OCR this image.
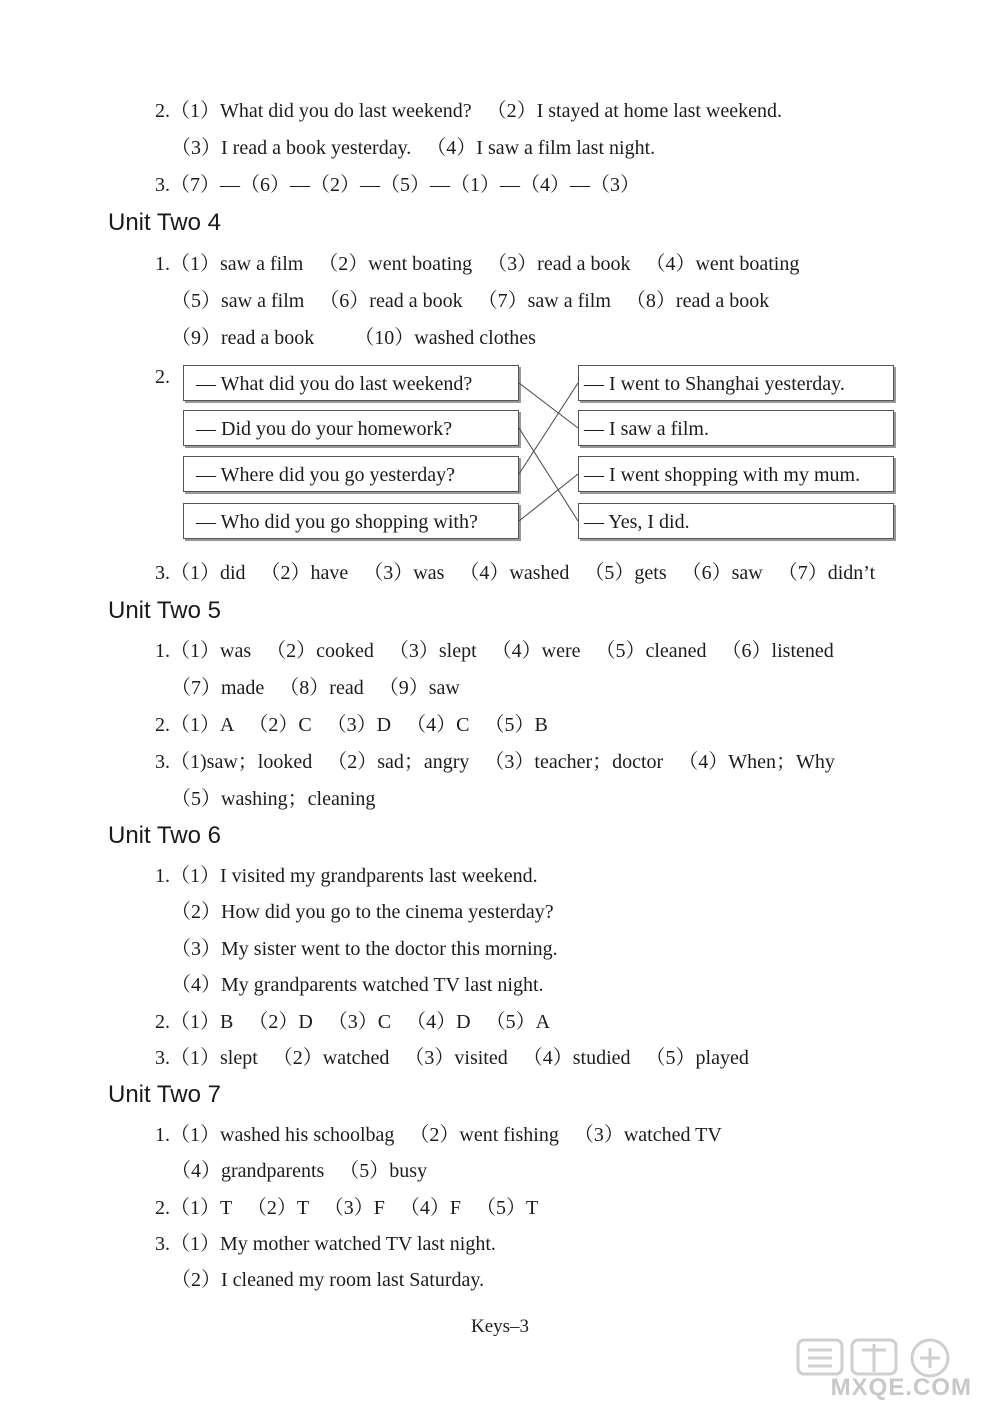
2.（1）What did you do last weekend?   （2）I stayed at home last weekend.
（3）I read a book yesterday.   （4）I saw a film last night.
3.（7）—（6）—（2）—（5）—（1）—（4）—（3）
Unit Two 4
1.（1）saw a film   （2）went boating   （3）read a book   （4）went boating
（5）saw a film   （6）read a book   （7）saw a film   （8）read a book
（9）read a book        （10）washed clothes
2.	— What did you do last weekend?
— Did you do your homework?
— Where did you go yesterday?
— Who did you go shopping with?
— I went to Shanghai yesterday.
— I saw a film.
— I went shopping with my mum.
— Yes, I did.
3.（1）did   （2）have   （3）was   （4）washed   （5）gets   （6）saw   （7）didn’t
Unit Two 5
1.（1）was   （2）cooked   （3）slept   （4）were   （5）cleaned   （6）listened
（7）made   （8）read   （9）saw
2.（1）A   （2）C   （3）D   （4）C   （5）B
3.（1)saw；looked   （2）sad；angry   （3）teacher；doctor   （4）When；Why
（5）washing；cleaning
Unit Two 6
1.（1）I visited my grandparents last weekend.
（2）How did you go to the cinema yesterday?
（3）My sister went to the doctor this morning.
（4）My grandparents watched TV last night.
2.（1）B   （2）D   （3）C   （4）D   （5）A
3.（1）slept   （2）watched   （3）visited   （4）studied   （5）played
Unit Two 7
1.（1）washed his schoolbag   （2）went fishing   （3）watched TV
（4）grandparents   （5）busy
2.（1）T   （2）T   （3）F   （4）F   （5）T
3.（1）My mother watched TV last night.
（2）I cleaned my room last Saturday.
Keys–3
MXQE.COM
